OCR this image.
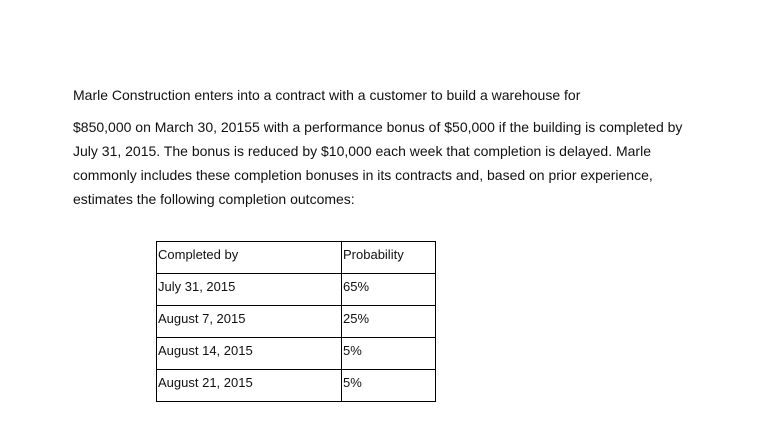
Marle Construction enters into a contract with a customer to build a warehouse for

$850,000 on March 30, 20155 with a performance bonus of $50,000 if the building is completed by
July 31, 2015. The bonus is reduced by $10,000 each week that completion is delayed. Marle
commonly includes these completion bonuses in its contracts and, based on prior experience,
estimates the following completion outcomes:

Completed by	Probability
July 31, 2015	65%
August 7, 2015	25%
August 14, 2015	5%
August 21, 2015	5%
